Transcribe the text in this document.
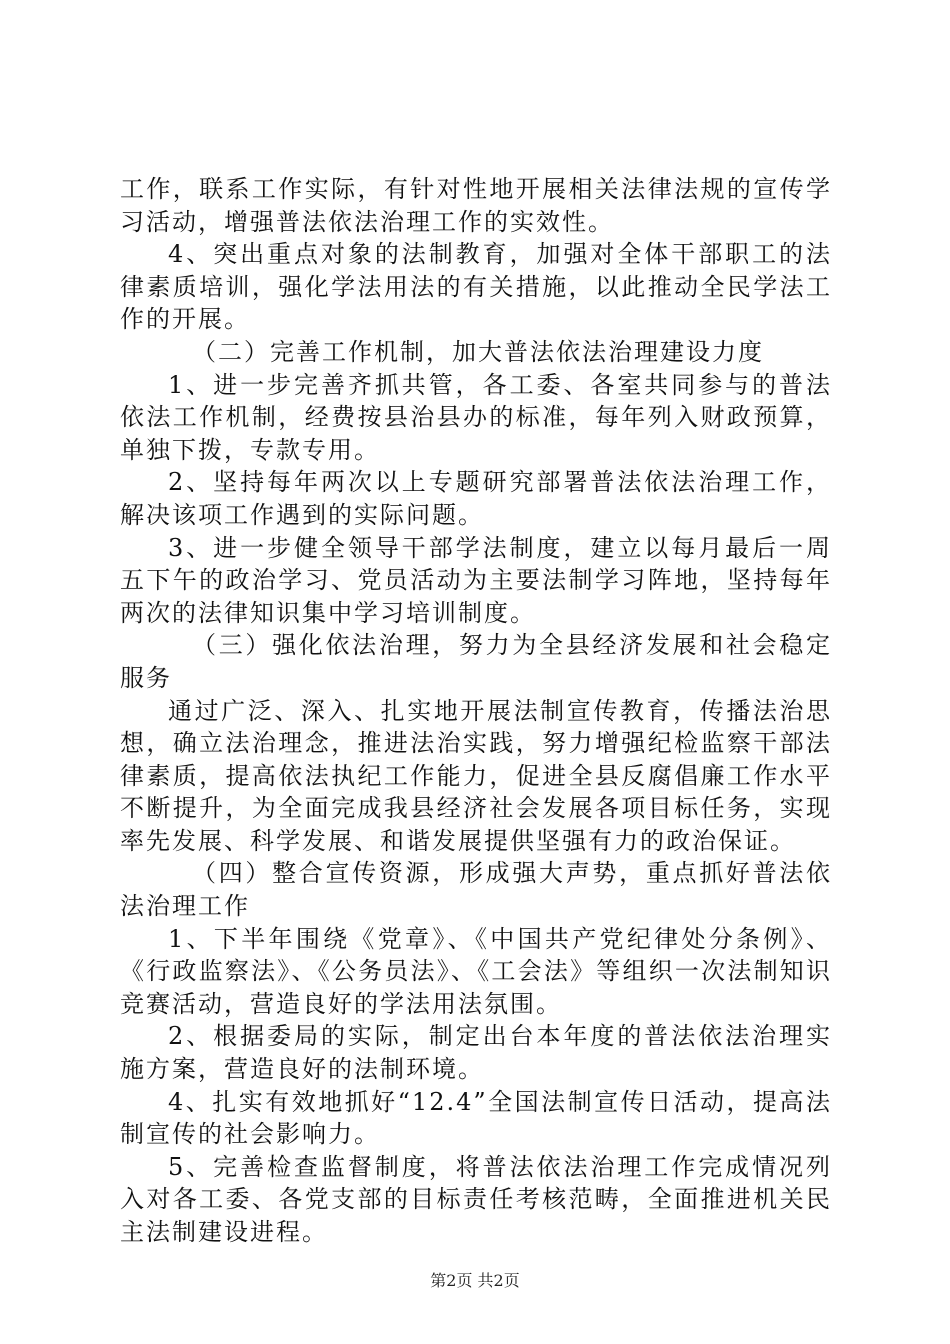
工作，联系工作实际，有针对性地开展相关法律法规的宣传学习活动，增强普法依法治理工作的实效性。

4、突出重点对象的法制教育，加强对全体干部职工的法律素质培训，强化学法用法的有关措施，以此推动全民学法工作的开展。

（二）完善工作机制，加大普法依法治理建设力度

1、进一步完善齐抓共管，各工委、各室共同参与的普法依法工作机制，经费按县治县办的标准，每年列入财政预算，单独下拨，专款专用。

2、坚持每年两次以上专题研究部署普法依法治理工作，解决该项工作遇到的实际问题。

3、进一步健全领导干部学法制度，建立以每月最后一周五下午的政治学习、党员活动为主要法制学习阵地，坚持每年两次的法律知识集中学习培训制度。

（三）强化依法治理，努力为全县经济发展和社会稳定服务

通过广泛、深入、扎实地开展法制宣传教育，传播法治思想，确立法治理念，推进法治实践，努力增强纪检监察干部法律素质，提高依法执纪工作能力，促进全县反腐倡廉工作水平不断提升，为全面完成我县经济社会发展各项目标任务，实现率先发展、科学发展、和谐发展提供坚强有力的政治保证。

（四）整合宣传资源，形成强大声势，重点抓好普法依法治理工作

1、下半年围绕《党章》、《中国共产党纪律处分条例》、《行政监察法》、《公务员法》、《工会法》等组织一次法制知识竞赛活动，营造良好的学法用法氛围。

2、根据委局的实际，制定出台本年度的普法依法治理实施方案，营造良好的法制环境。

4、扎实有效地抓好“12.4”全国法制宣传日活动，提高法制宣传的社会影响力。

5、完善检查监督制度，将普法依法治理工作完成情况列入对各工委、各党支部的目标责任考核范畴，全面推进机关民主法制建设进程。

第2页 共2页
